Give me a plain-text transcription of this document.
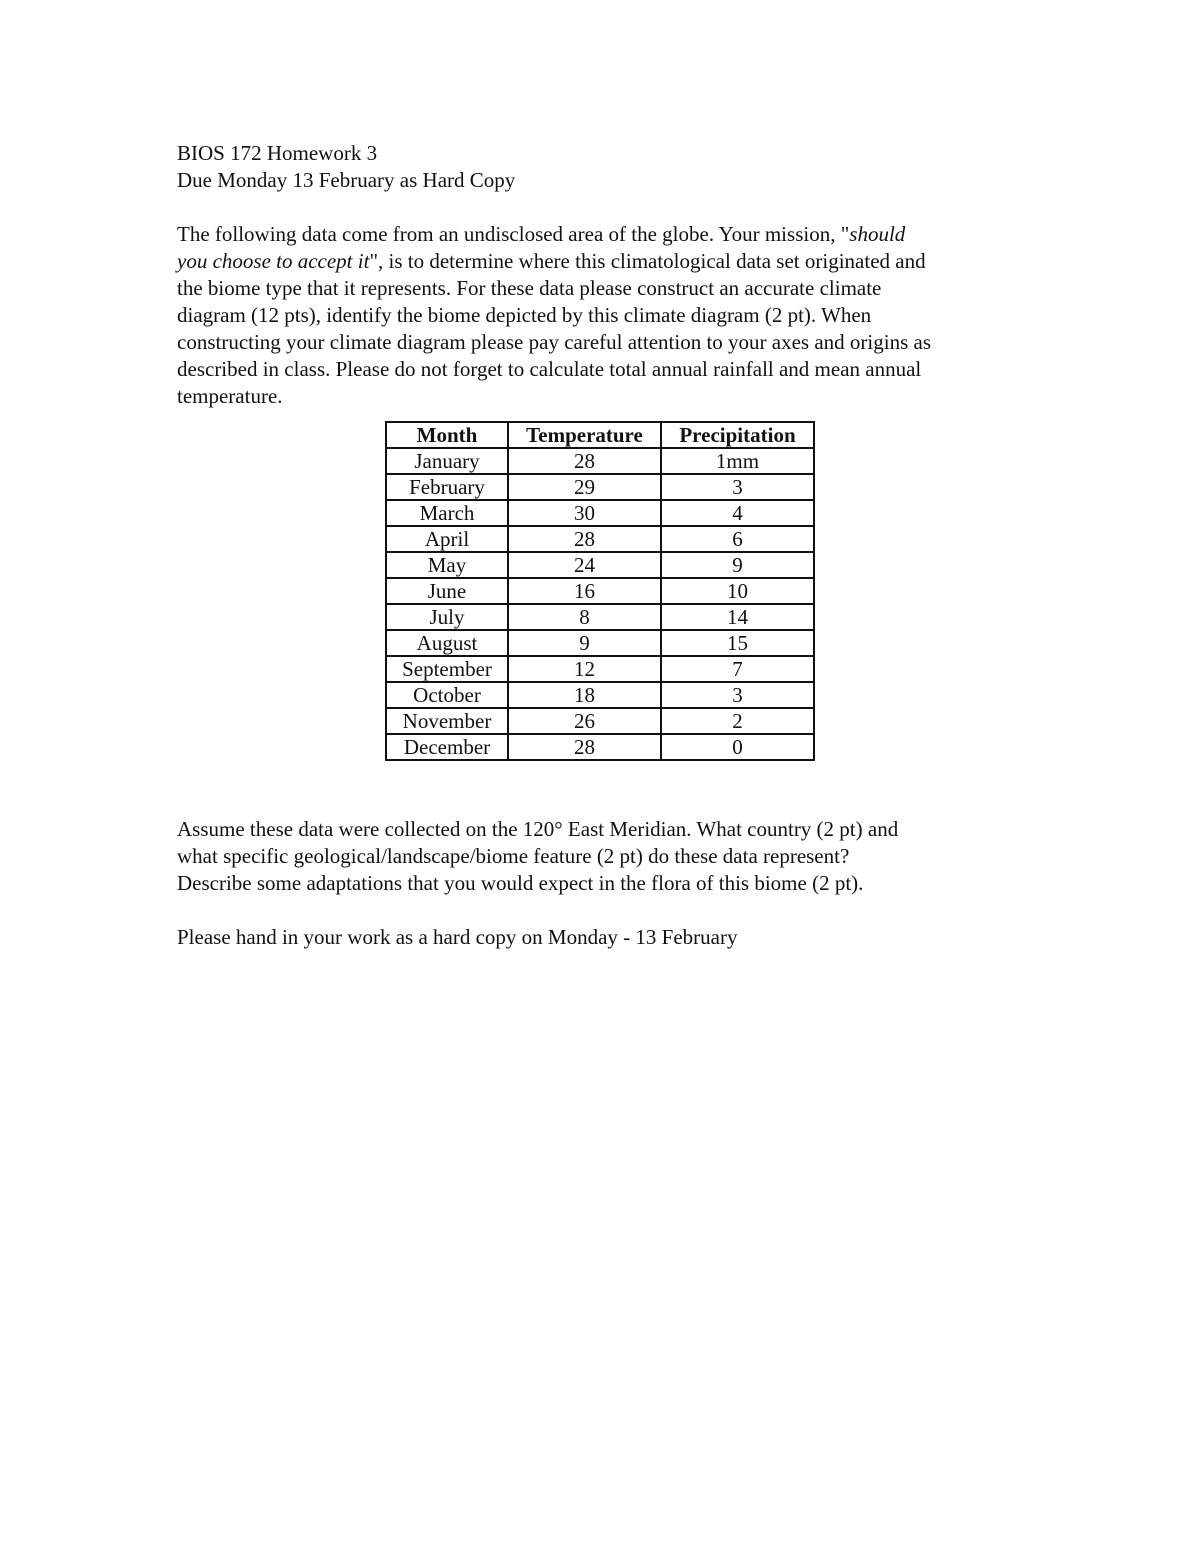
BIOS 172 Homework 3

Due Monday 13 February as Hard Copy

The following data come from an undisclosed area of the globe. Your mission, "should
you choose to accept it", is to determine where this climatological data set originated and
the biome type that it represents. For these data please construct an accurate climate
diagram (12 pts), identify the biome depicted by this climate diagram (2 pt). When
constructing your climate diagram please pay careful attention to your axes and origins as
described in class. Please do not forget to calculate total annual rainfall and mean annual
temperature.

Month	Temperature	Precipitation
January	28	1mm
February	29	3
March	30	4
April	28	6
May	24	9
June	16	10
July	8	14
August	9	15
September	12	7
October	18	3
November	26	2
December	28	0

Assume these data were collected on the 120° East Meridian. What country (2 pt) and
what specific geological/landscape/biome feature (2 pt) do these data represent?
Describe some adaptations that you would expect in the flora of this biome (2 pt).

Please hand in your work as a hard copy on Monday - 13 February
